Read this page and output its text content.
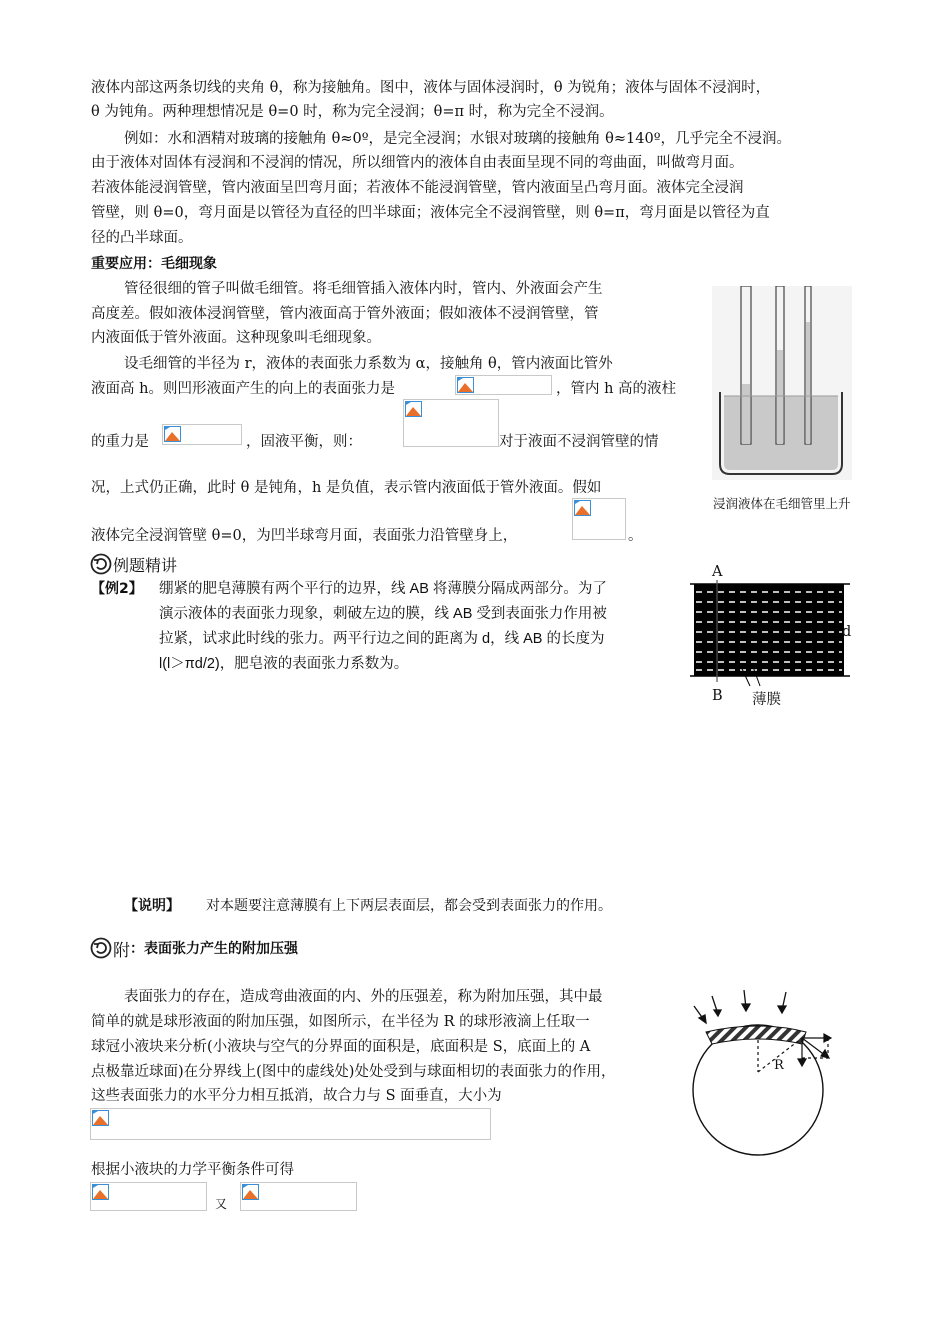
液体内部这两条切线的夹角 θ，称为接触角。图中，液体与固体浸润时，θ 为锐角；液体与固体不浸润时，
θ 为钝角。两种理想情况是 θ=0 时，称为完全浸润；θ=π 时，称为完全不浸润。
例如：水和酒精对玻璃的接触角 θ≈0º，是完全浸润；水银对玻璃的接触角 θ≈140º，几乎完全不浸润。
由于液体对固体有浸润和不浸润的情况，所以细管内的液体自由表面呈现不同的弯曲面，叫做弯月面。
若液体能浸润管壁，管内液面呈凹弯月面；若液体不能浸润管壁，管内液面呈凸弯月面。液体完全浸润
管壁，则 θ=0，弯月面是以管径为直径的凹半球面；液体完全不浸润管壁，则 θ=π，弯月面是以管径为直
径的凸半球面。
重要应用：毛细现象
管径很细的管子叫做毛细管。将毛细管插入液体内时，管内、外液面会产生
高度差。假如液体浸润管壁，管内液面高于管外液面；假如液体不浸润管壁，管
内液面低于管外液面。这种现象叫毛细现象。
设毛细管的半径为 r，液体的表面张力系数为 α，接触角 θ，管内液面比管外
液面高 h。则凹形液面产生的向上的表面张力是	，管内 h 高的液柱
的重力是	，固液平衡，则：	对于液面不浸润管壁的情
况，上式仍正确，此时 θ 是钝角，h 是负值，表示管内液面低于管外液面。假如
液体完全浸润管壁 θ=0，为凹半球弯月面，表面张力沿管壁身上，	。
浸润液体在毛细管里上升
例题精讲
【例2】 绷紧的肥皂薄膜有两个平行的边界，线 AB 将薄膜分隔成两部分。为了
演示液体的表面张力现象，刺破左边的膜，线 AB 受到表面张力作用被
拉紧，试求此时线的张力。两平行边之间的距离为 d，线 AB 的长度为
l(l＞πd/2)，肥皂液的表面张力系数为。
A
B
d
薄膜
【说明】 对本题要注意薄膜有上下两层表面层，都会受到表面张力的作用。
附 ：表面张力产生的附加压强
表面张力的存在，造成弯曲液面的内、外的压强差，称为附加压强，其中最
简单的就是球形液面的附加压强，如图所示，在半径为 R 的球形液滴上任取一
球冠小液块来分析(小液块与空气的分界面的面积是，底面积是 S，底面上的 A
点极靠近球面)在分界线上(图中的虚线处)处处受到与球面相切的表面张力的作用，
这些表面张力的水平分力相互抵消，故合力与 S 面垂直，大小为
根据小液块的力学平衡条件可得
又
R
